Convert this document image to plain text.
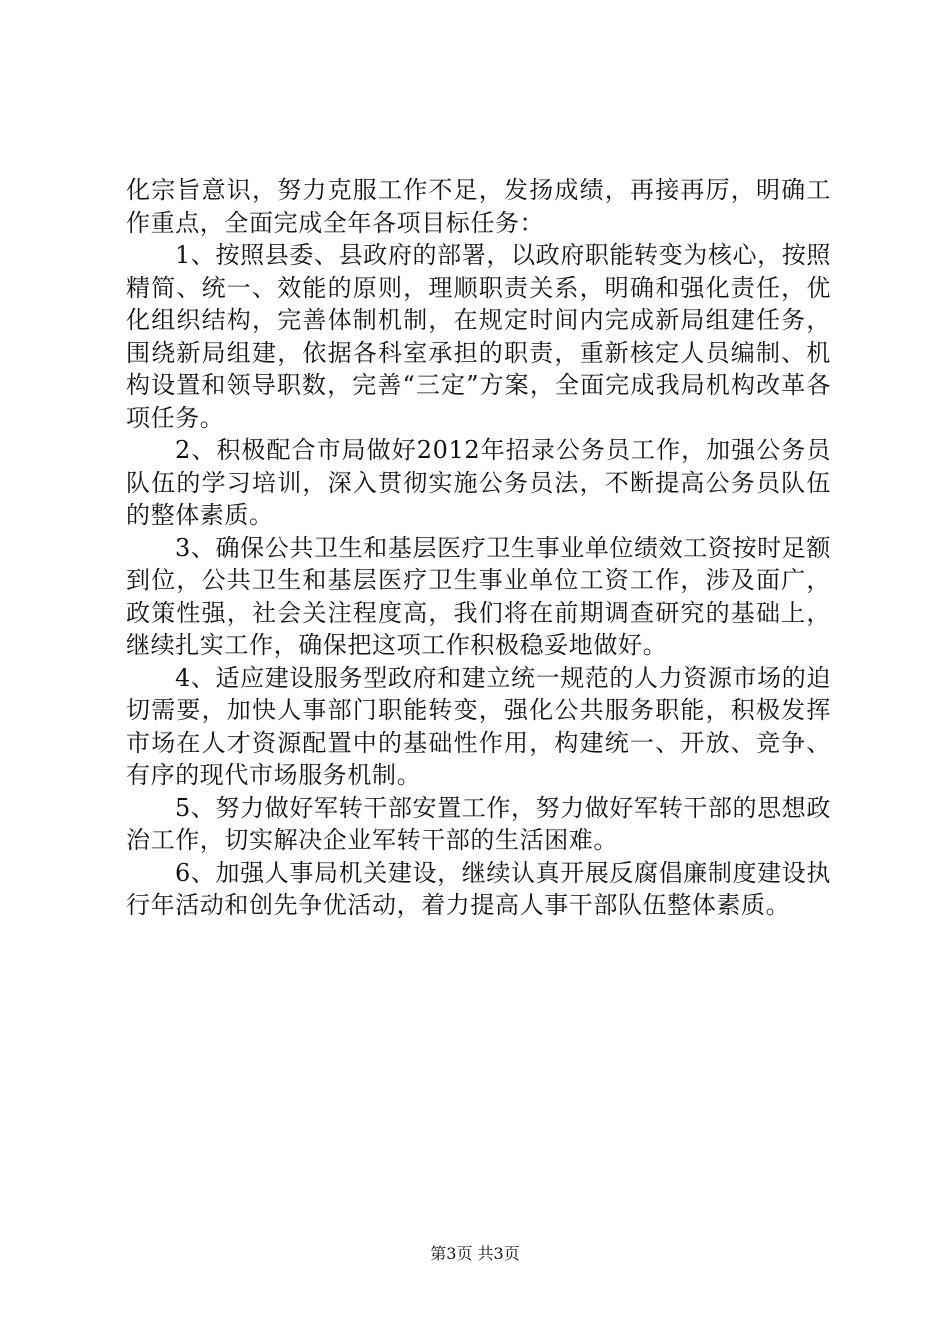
化宗旨意识，努力克服工作不足，发扬成绩，再接再厉，明确工作重点，全面完成全年各项目标任务：

1、按照县委、县政府的部署，以政府职能转变为核心，按照精简、统一、效能的原则，理顺职责关系，明确和强化责任，优化组织结构，完善体制机制，在规定时间内完成新局组建任务，围绕新局组建，依据各科室承担的职责，重新核定人员编制、机构设置和领导职数，完善“三定”方案，全面完成我局机构改革各项任务。

2、积极配合市局做好2012年招录公务员工作，加强公务员队伍的学习培训，深入贯彻实施公务员法，不断提高公务员队伍的整体素质。

3、确保公共卫生和基层医疗卫生事业单位绩效工资按时足额到位，公共卫生和基层医疗卫生事业单位工资工作，涉及面广，政策性强，社会关注程度高，我们将在前期调查研究的基础上，继续扎实工作，确保把这项工作积极稳妥地做好。

4、适应建设服务型政府和建立统一规范的人力资源市场的迫切需要，加快人事部门职能转变，强化公共服务职能，积极发挥市场在人才资源配置中的基础性作用，构建统一、开放、竞争、有序的现代市场服务机制。

5、努力做好军转干部安置工作，努力做好军转干部的思想政治工作，切实解决企业军转干部的生活困难。

6、加强人事局机关建设，继续认真开展反腐倡廉制度建设执行年活动和创先争优活动，着力提高人事干部队伍整体素质。

第3页 共3页
